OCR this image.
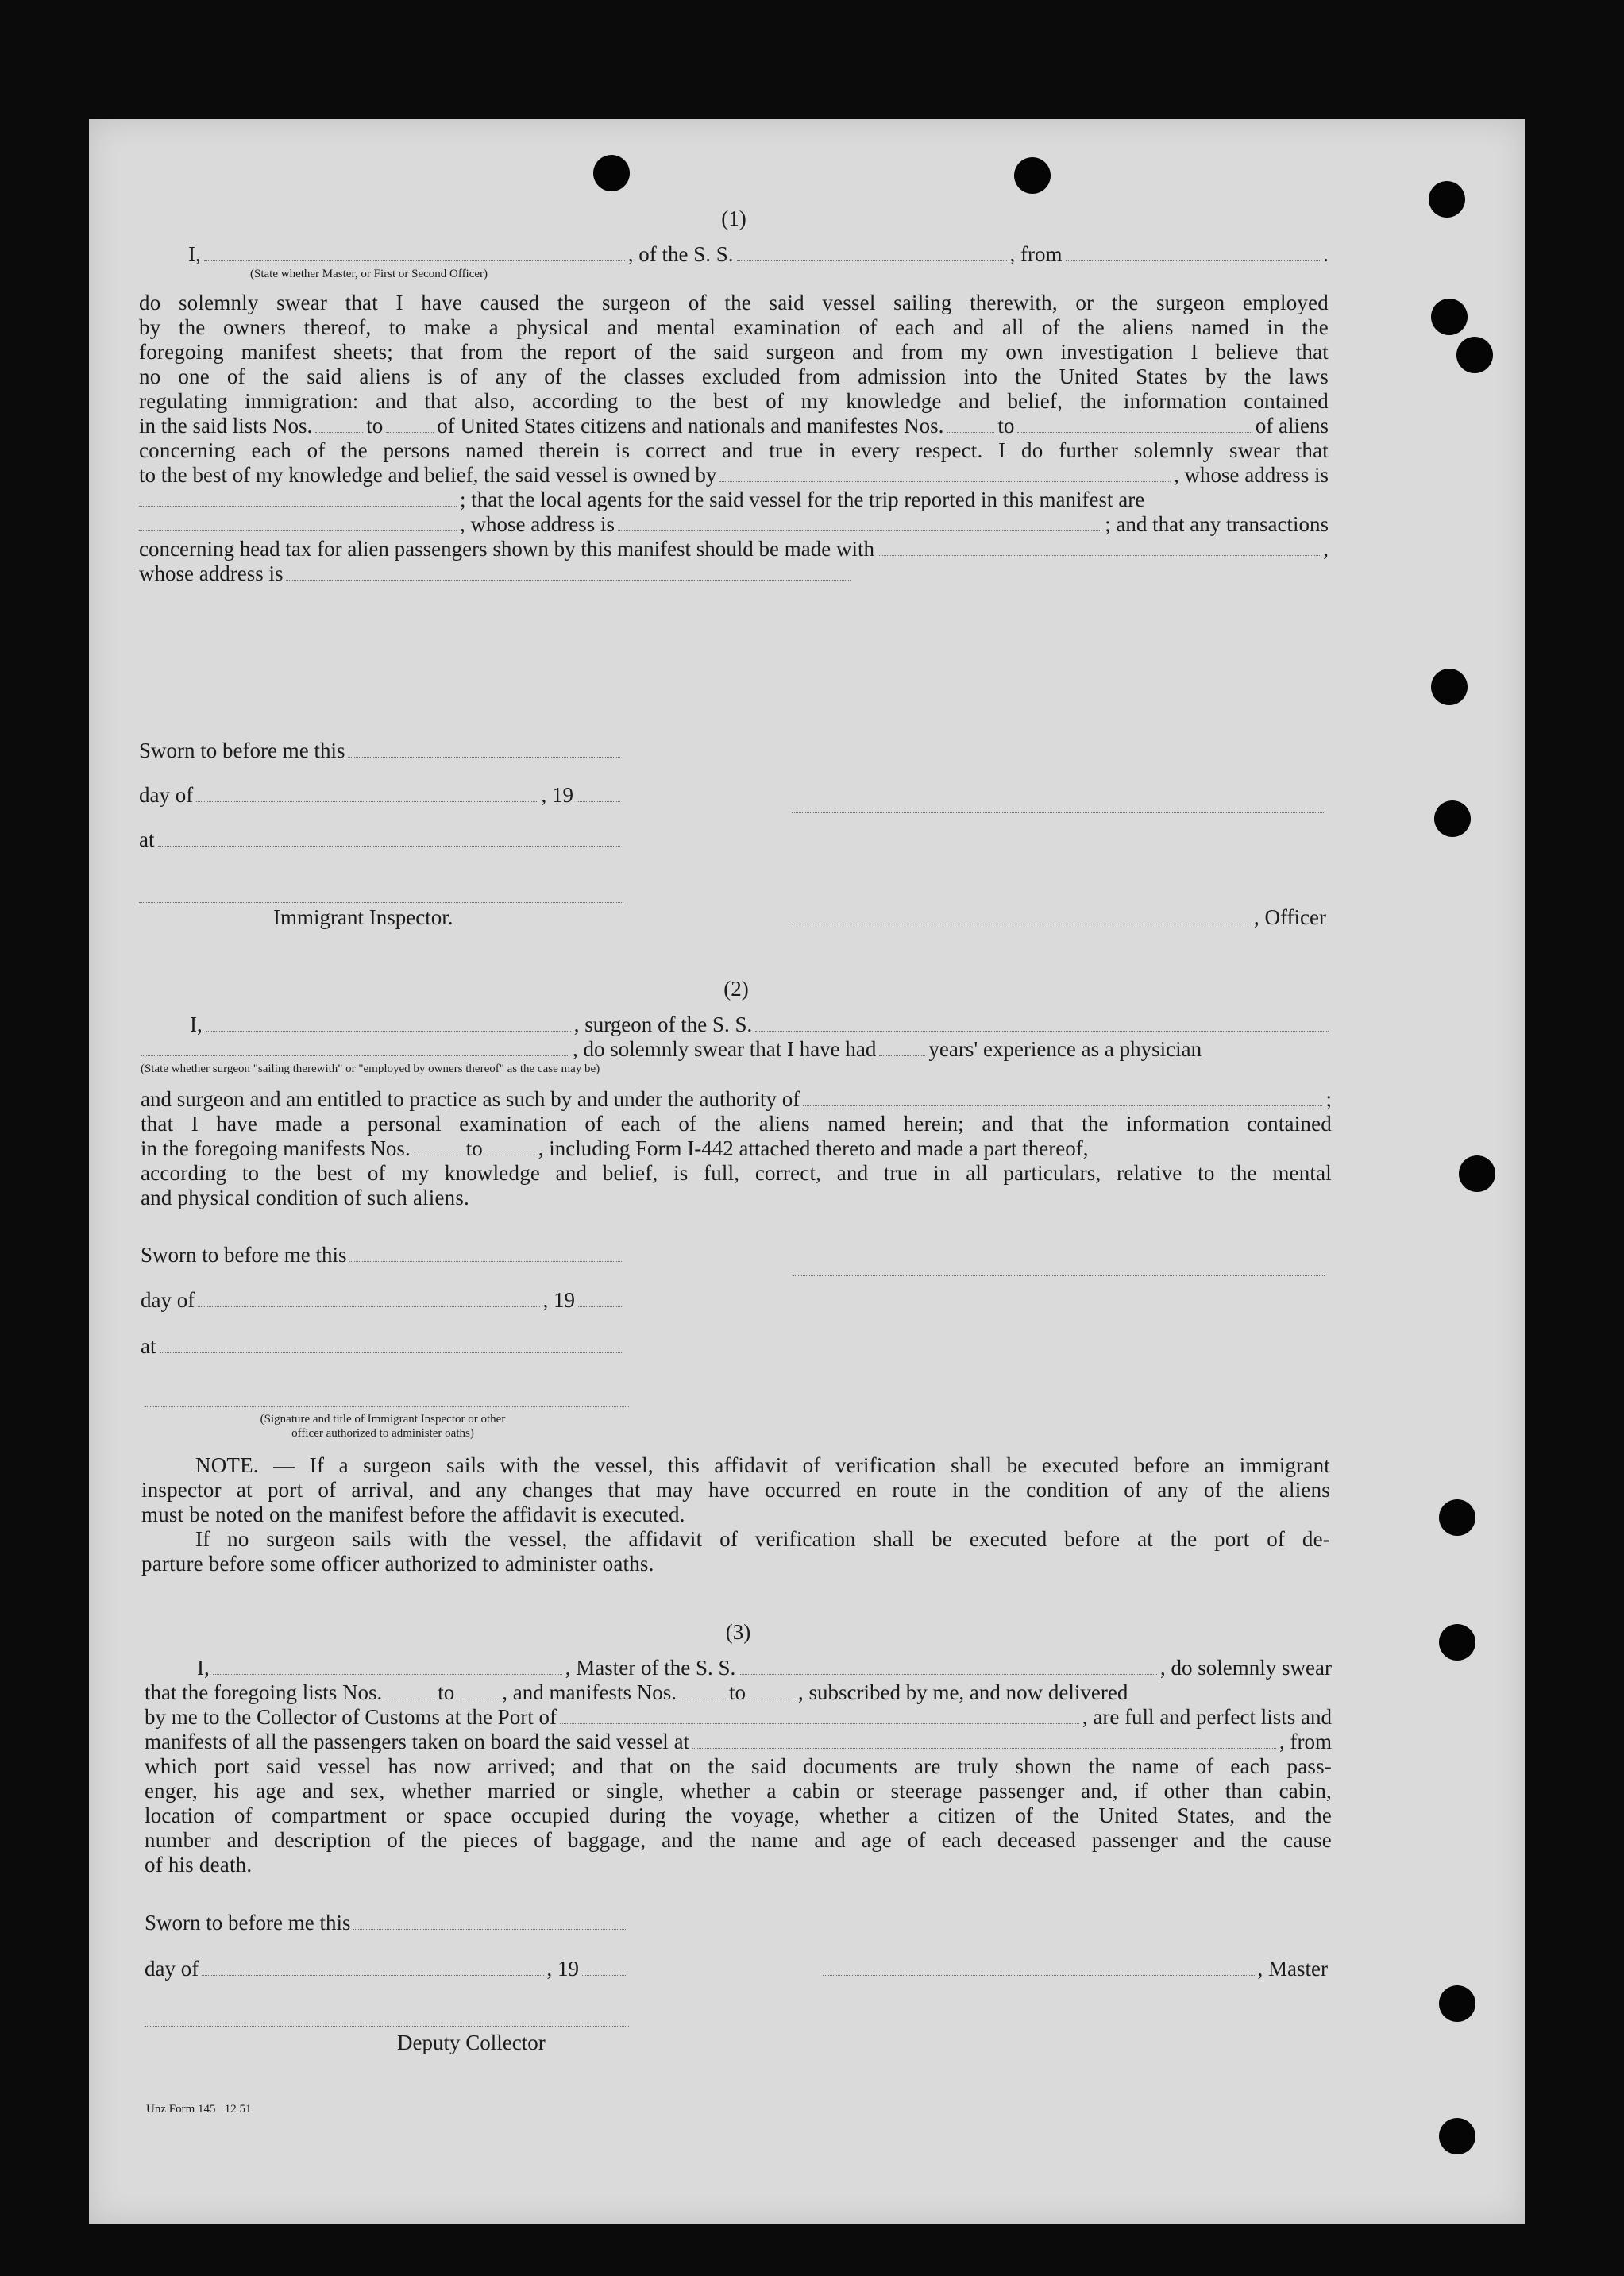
(1)
I,	, of the S. S.	, from	.
(State whether Master, or First or Second Officer)
do solemnly swear that I have caused the surgeon of the said vessel sailing therewith, or the surgeon employed
by the owners thereof, to make a physical and mental examination of each and all of the aliens named in the
foregoing manifest sheets; that from the report of the said surgeon and from my own investigation I believe that
no one of the said aliens is of any of the classes excluded from admission into the United States by the laws
regulating immigration: and that also, according to the best of my knowledge and belief, the information contained
in the said lists Nos.	to	of United States citizens and nationals and manifestes Nos.	to	of aliens
concerning each of the persons named therein is correct and true in every respect. I do further solemnly swear that
to the best of my knowledge and belief, the said vessel is owned by	, whose address is
; that the local agents for the said vessel for the trip reported in this manifest are
, whose address is	; and that any transactions
concerning head tax for alien passengers shown by this manifest should be made with	,
whose address is
Sworn to before me this
day of	, 19
at
Immigrant Inspector.	, Officer
(2)
I,	, surgeon of the S. S.
, do solemnly swear that I have had years' experience as a physician
(State whether surgeon "sailing therewith" or "employed by owners thereof" as the case may be)
and surgeon and am entitled to practice as such by and under the authority of	;
that I have made a personal examination of each of the aliens named herein; and that the information contained
in the foregoing manifests Nos.	to	, including Form I-442 attached thereto and made a part thereof,
according to the best of my knowledge and belief, is full, correct, and true in all particulars, relative to the mental
and physical condition of such aliens.
Sworn to before me this
day of	, 19
at
(Signature and title of Immigrant Inspector or other
officer authorized to administer oaths)
NOTE. — If a surgeon sails with the vessel, this affidavit of verification shall be executed before an immigrant
inspector at port of arrival, and any changes that may have occurred en route in the condition of any of the aliens
must be noted on the manifest before the affidavit is executed.
If no surgeon sails with the vessel, the affidavit of verification shall be executed before at the port of de-
parture before some officer authorized to administer oaths.
(3)
I,	, Master of the S. S.	, do solemnly swear
that the foregoing lists Nos.	to , and manifests Nos. to , subscribed by me, and now delivered
by me to the Collector of Customs at the Port of	, are full and perfect lists and
manifests of all the passengers taken on board the said vessel at	, from
which port said vessel has now arrived; and that on the said documents are truly shown the name of each pass-
enger, his age and sex, whether married or single, whether a cabin or steerage passenger and, if other than cabin,
location of compartment or space occupied during the voyage, whether a citizen of the United States, and the
number and description of the pieces of baggage, and the name and age of each deceased passenger and the cause
of his death.
Sworn to before me this
day of	, 19	, Master
Deputy Collector
Unz Form 145   12 51
